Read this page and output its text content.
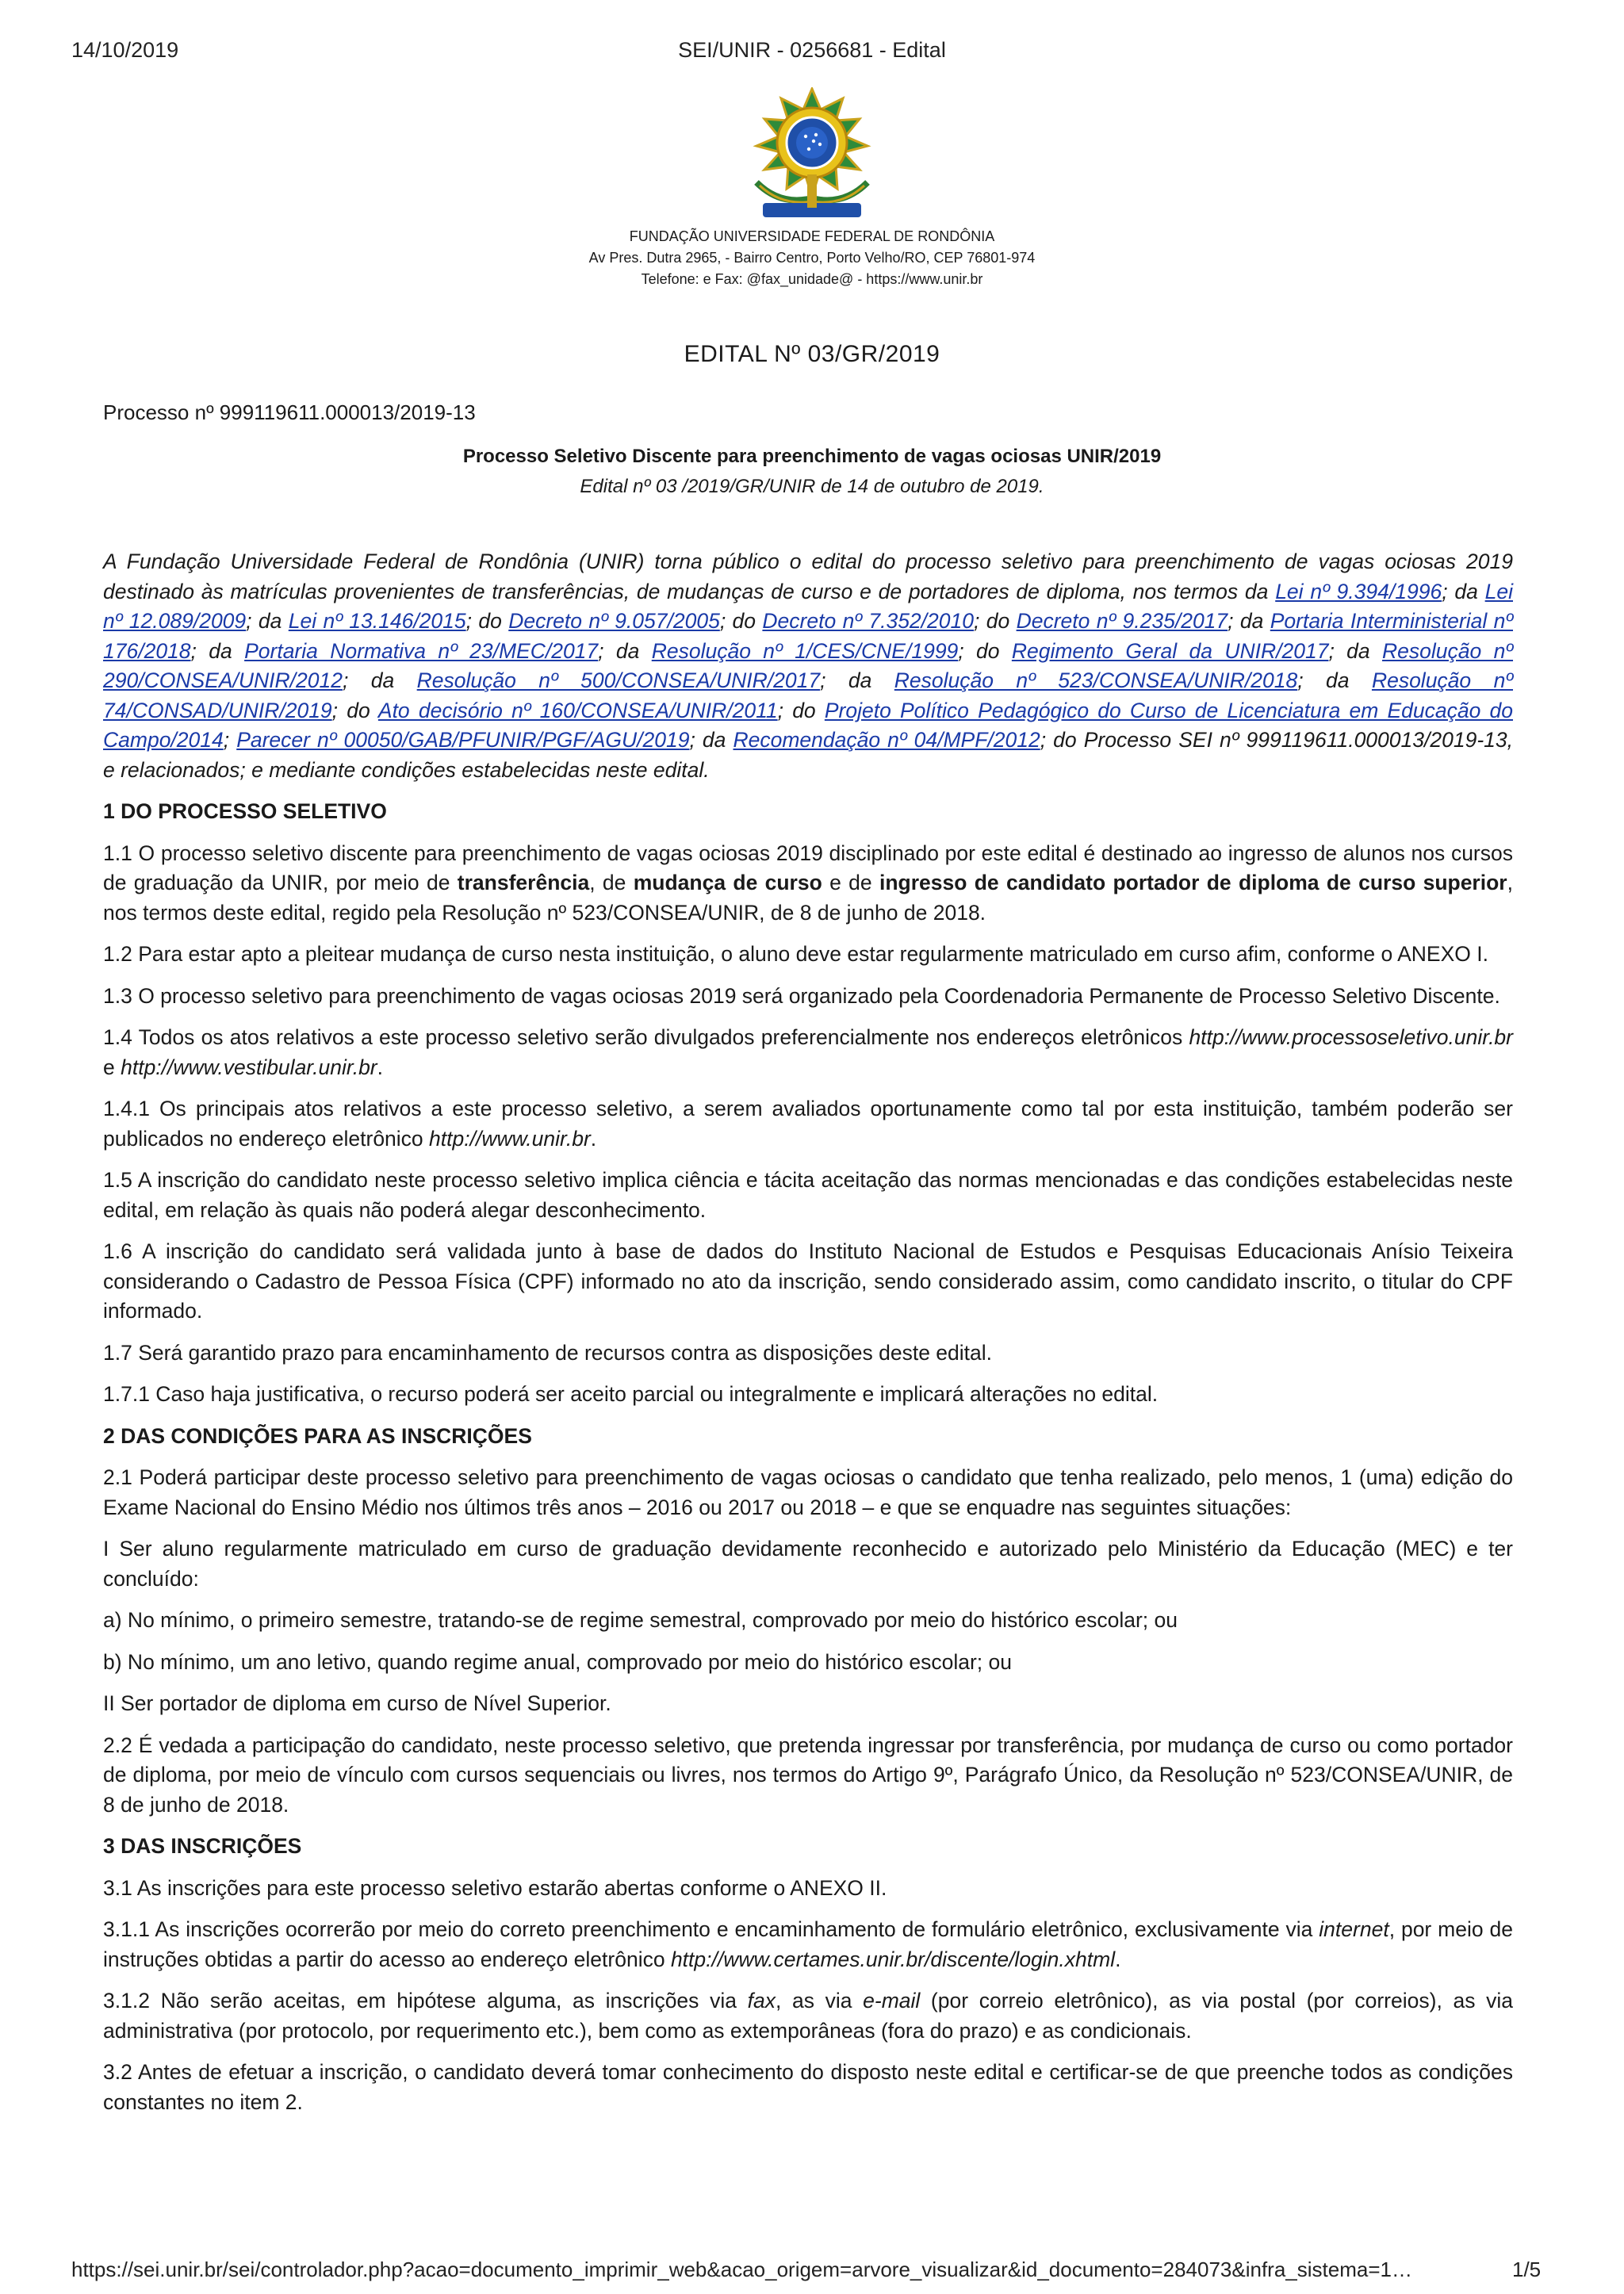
14/10/2019	SEI/UNIR - 0256681 - Edital
FUNDAÇÃO UNIVERSIDADE FEDERAL DE RONDÔNIA
Av Pres. Dutra 2965, - Bairro Centro, Porto Velho/RO, CEP 76801-974
Telefone: e Fax: @fax_unidade@ - https://www.unir.br
EDITAL Nº 03/GR/2019
Processo nº 999119611.000013/2019-13
Processo Seletivo Discente para preenchimento de vagas ociosas UNIR/2019
Edital nº 03 /2019/GR/UNIR de 14 de outubro de 2019.

A Fundação Universidade Federal de Rondônia (UNIR) torna público o edital do processo seletivo para preenchimento de vagas ociosas 2019 destinado às matrículas provenientes de transferências, de mudanças de curso e de portadores de diploma, nos termos da Lei nº 9.394/1996; da Lei nº 12.089/2009; da Lei nº 13.146/2015; do Decreto nº 9.057/2005; do Decreto nº 7.352/2010; do Decreto nº 9.235/2017; da Portaria Interministerial nº 176/2018; da Portaria Normativa nº 23/MEC/2017; da Resolução nº 1/CES/CNE/1999; do Regimento Geral da UNIR/2017; da Resolução nº 290/CONSEA/UNIR/2012; da Resolução nº 500/CONSEA/UNIR/2017; da Resolução nº 523/CONSEA/UNIR/2018; da Resolução nº 74/CONSAD/UNIR/2019; do Ato decisório nº 160/CONSEA/UNIR/2011; do Projeto Político Pedagógico do Curso de Licenciatura em Educação do Campo/2014; Parecer nº 00050/GAB/PFUNIR/PGF/AGU/2019; da Recomendação nº 04/MPF/2012; do Processo SEI nº 999119611.000013/2019-13, e relacionados; e mediante condições estabelecidas neste edital.

1 DO PROCESSO SELETIVO

1.1 O processo seletivo discente para preenchimento de vagas ociosas 2019 disciplinado por este edital é destinado ao ingresso de alunos nos cursos de graduação da UNIR, por meio de transferência, de mudança de curso e de ingresso de candidato portador de diploma de curso superior, nos termos deste edital, regido pela Resolução nº 523/CONSEA/UNIR, de 8 de junho de 2018.

1.2 Para estar apto a pleitear mudança de curso nesta instituição, o aluno deve estar regularmente matriculado em curso afim, conforme o ANEXO I.

1.3 O processo seletivo para preenchimento de vagas ociosas 2019 será organizado pela Coordenadoria Permanente de Processo Seletivo Discente.

1.4 Todos os atos relativos a este processo seletivo serão divulgados preferencialmente nos endereços eletrônicos http://www.processoseletivo.unir.br e http://www.vestibular.unir.br.

1.4.1 Os principais atos relativos a este processo seletivo, a serem avaliados oportunamente como tal por esta instituição, também poderão ser publicados no endereço eletrônico http://www.unir.br.

1.5 A inscrição do candidato neste processo seletivo implica ciência e tácita aceitação das normas mencionadas e das condições estabelecidas neste edital, em relação às quais não poderá alegar desconhecimento.

1.6 A inscrição do candidato será validada junto à base de dados do Instituto Nacional de Estudos e Pesquisas Educacionais Anísio Teixeira considerando o Cadastro de Pessoa Física (CPF) informado no ato da inscrição, sendo considerado assim, como candidato inscrito, o titular do CPF informado.

1.7 Será garantido prazo para encaminhamento de recursos contra as disposições deste edital.

1.7.1 Caso haja justificativa, o recurso poderá ser aceito parcial ou integralmente e implicará alterações no edital.

2 DAS CONDIÇÕES PARA AS INSCRIÇÕES

2.1 Poderá participar deste processo seletivo para preenchimento de vagas ociosas o candidato que tenha realizado, pelo menos, 1 (uma) edição do Exame Nacional do Ensino Médio nos últimos três anos – 2016 ou 2017 ou 2018 – e que se enquadre nas seguintes situações:

I Ser aluno regularmente matriculado em curso de graduação devidamente reconhecido e autorizado pelo Ministério da Educação (MEC) e ter concluído:

a) No mínimo, o primeiro semestre, tratando-se de regime semestral, comprovado por meio do histórico escolar; ou

b) No mínimo, um ano letivo, quando regime anual, comprovado por meio do histórico escolar; ou

II Ser portador de diploma em curso de Nível Superior.

2.2 É vedada a participação do candidato, neste processo seletivo, que pretenda ingressar por transferência, por mudança de curso ou como portador de diploma, por meio de vínculo com cursos sequenciais ou livres, nos termos do Artigo 9º, Parágrafo Único, da Resolução nº 523/CONSEA/UNIR, de 8 de junho de 2018.

3 DAS INSCRIÇÕES

3.1 As inscrições para este processo seletivo estarão abertas conforme o ANEXO II.

3.1.1 As inscrições ocorrerão por meio do correto preenchimento e encaminhamento de formulário eletrônico, exclusivamente via internet, por meio de instruções obtidas a partir do acesso ao endereço eletrônico http://www.certames.unir.br/discente/login.xhtml.

3.1.2 Não serão aceitas, em hipótese alguma, as inscrições via fax, as via e-mail (por correio eletrônico), as via postal (por correios), as via administrativa (por protocolo, por requerimento etc.), bem como as extemporâneas (fora do prazo) e as condicionais.

3.2 Antes de efetuar a inscrição, o candidato deverá tomar conhecimento do disposto neste edital e certificar-se de que preenche todos as condições constantes no item 2.

https://sei.unir.br/sei/controlador.php?acao=documento_imprimir_web&acao_origem=arvore_visualizar&id_documento=284073&infra_sistema=1…	1/5
